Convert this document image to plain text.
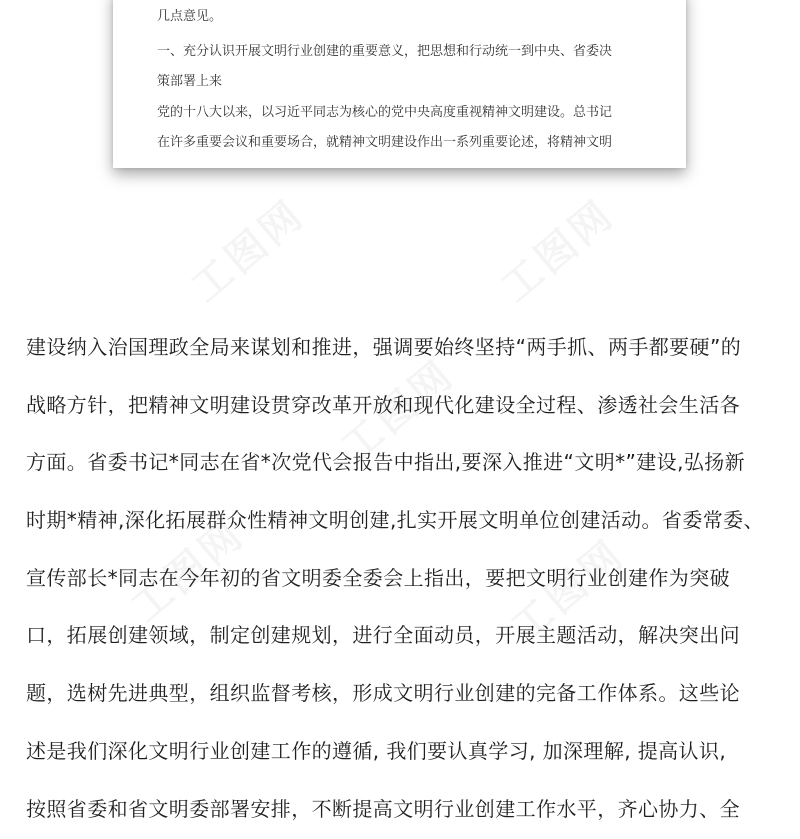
几点意见。

一、充分认识开展文明行业创建的重要意义，把思想和行动统一到中央、省委决

策部署上来

党的十八大以来，以习近平同志为核心的党中央高度重视精神文明建设。总书记

在许多重要会议和重要场合，就精神文明建设作出一系列重要论述，将精神文明

建设纳入治国理政全局来谋划和推进，强调要始终坚持“两手抓、两手都要硬”的

战略方针，把精神文明建设贯穿改革开放和现代化建设全过程、渗透社会生活各

方面。省委书记*同志在省*次党代会报告中指出,要深入推进“文明*”建设,弘扬新

时期*精神,深化拓展群众性精神文明创建,扎实开展文明单位创建活动。省委常委、

宣传部长*同志在今年初的省文明委全委会上指出，要把文明行业创建作为突破

口，拓展创建领域，制定创建规划，进行全面动员，开展主题活动，解决突出问

题，选树先进典型，组织监督考核，形成文明行业创建的完备工作体系。这些论

述是我们深化文明行业创建工作的遵循, 我们要认真学习, 加深理解, 提高认识,

按照省委和省文明委部署安排，不断提高文明行业创建工作水平，齐心协力、全
